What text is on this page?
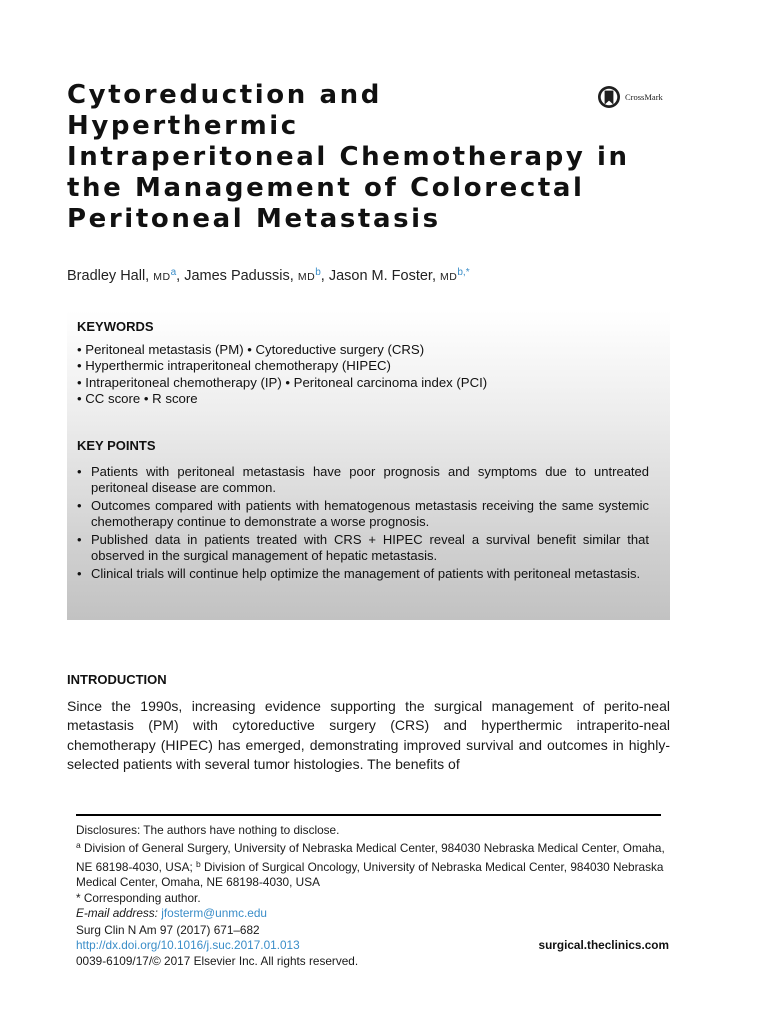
Cytoreduction and
Hyperthermic
Intraperitoneal Chemotherapy in
the Management of Colorectal
Peritoneal Metastasis
CrossMark
Bradley Hall, MD$^a$, James Padussis, MD$^b$, Jason M. Foster, MD$^{b,*}$
KEYWORDS
• Peritoneal metastasis (PM) • Cytoreductive surgery (CRS)
• Hyperthermic intraperitoneal chemotherapy (HIPEC)
• Intraperitoneal chemotherapy (IP) • Peritoneal carcinoma index (PCI)
• CC score • R score
KEY POINTS
• Patients with peritoneal metastasis have poor prognosis and symptoms due to untreated peritoneal disease are common.
• Outcomes compared with patients with hematogenous metastasis receiving the same systemic chemotherapy continue to demonstrate a worse prognosis.
• Published data in patients treated with CRS + HIPEC reveal a survival benefit similar that observed in the surgical management of hepatic metastasis.
• Clinical trials will continue help optimize the management of patients with peritoneal metastasis.
INTRODUCTION

Since the 1990s, increasing evidence supporting the surgical management of perito-neal metastasis (PM) with cytoreductive surgery (CRS) and hyperthermic intraperito-neal chemotherapy (HIPEC) has emerged, demonstrating improved survival and outcomes in highly-selected patients with several tumor histologies. The benefits of

Disclosures: The authors have nothing to disclose.

$^a$ Division of General Surgery, University of Nebraska Medical Center, 984030 Nebraska Medical Center, Omaha, NE 68198-4030, USA; $^b$ Division of Surgical Oncology, University of Nebraska Medical Center, 984030 Nebraska Medical Center, Omaha, NE 68198-4030, USA

* Corresponding author.

E-mail address: jfosterm@unmc.edu

Surg Clin N Am 97 (2017) 671–682
http://dx.doi.org/10.1016/j.suc.2017.01.013
0039-6109/17/© 2017 Elsevier Inc. All rights reserved.
surgical.theclinics.com
